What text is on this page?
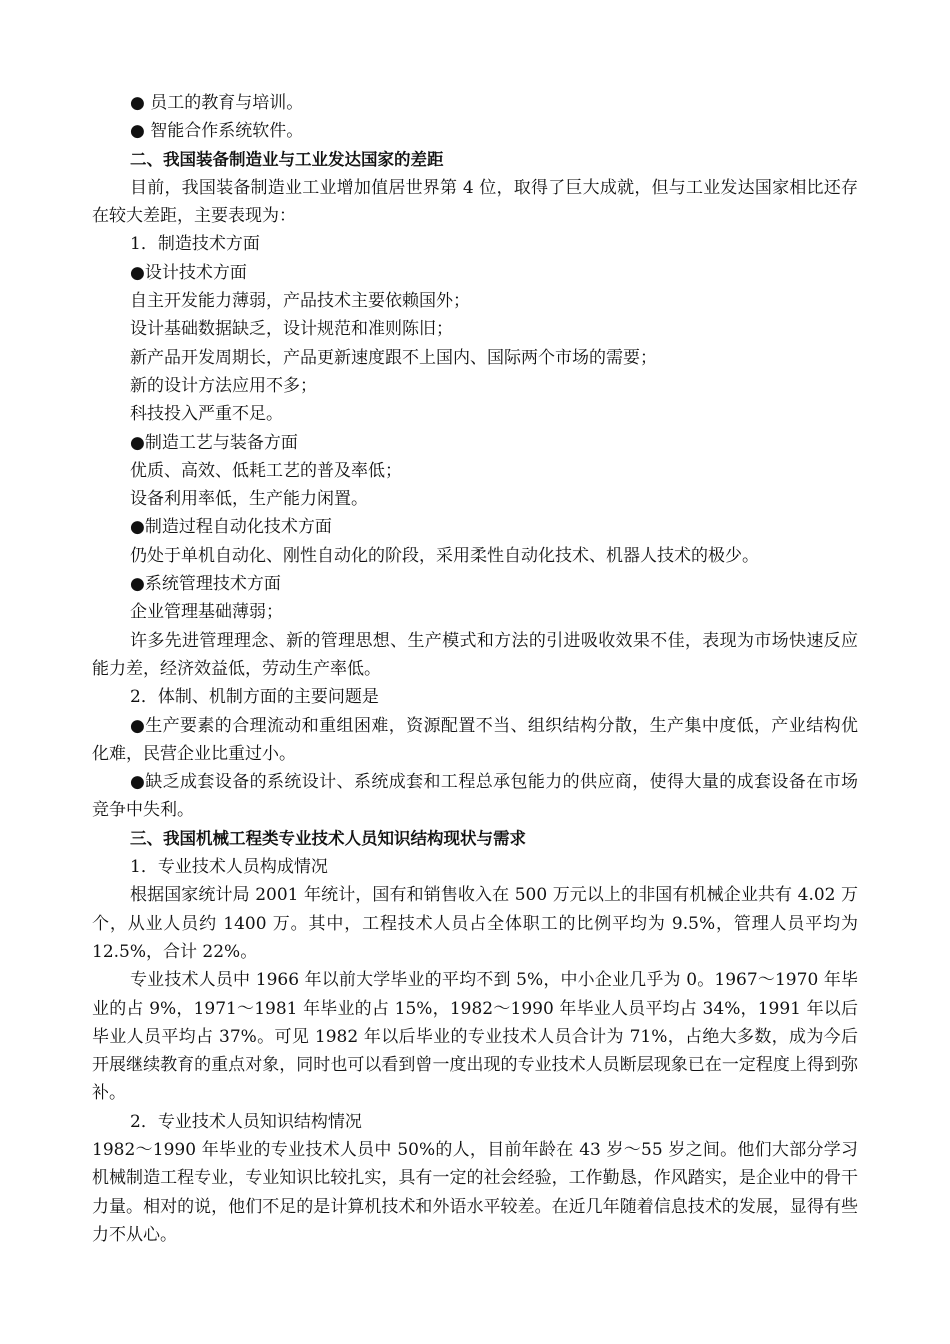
● 员工的教育与培训。

● 智能合作系统软件。

二、我国装备制造业与工业发达国家的差距

目前，我国装备制造业工业增加值居世界第 4 位，取得了巨大成就，但与工业发达国家相比还存在较大差距，主要表现为：

1．制造技术方面

●设计技术方面

自主开发能力薄弱，产品技术主要依赖国外；

设计基础数据缺乏，设计规范和准则陈旧；

新产品开发周期长，产品更新速度跟不上国内、国际两个市场的需要；

新的设计方法应用不多；

科技投入严重不足。

●制造工艺与装备方面

优质、高效、低耗工艺的普及率低；

设备利用率低，生产能力闲置。

●制造过程自动化技术方面

仍处于单机自动化、刚性自动化的阶段，采用柔性自动化技术、机器人技术的极少。

●系统管理技术方面

企业管理基础薄弱；

许多先进管理理念、新的管理思想、生产模式和方法的引进吸收效果不佳，表现为市场快速反应能力差，经济效益低，劳动生产率低。

2．体制、机制方面的主要问题是

●生产要素的合理流动和重组困难，资源配置不当、组织结构分散，生产集中度低，产业结构优化难，民营企业比重过小。

●缺乏成套设备的系统设计、系统成套和工程总承包能力的供应商，使得大量的成套设备在市场竞争中失利。

三、我国机械工程类专业技术人员知识结构现状与需求

1．专业技术人员构成情况

根据国家统计局 2001 年统计，国有和销售收入在 500 万元以上的非国有机械企业共有 4.02 万个，从业人员约 1400 万。其中，工程技术人员占全体职工的比例平均为 9.5%，管理人员平均为 12.5%，合计 22%。

专业技术人员中 1966 年以前大学毕业的平均不到 5%，中小企业几乎为 0。1967～1970 年毕业的占 9%，1971～1981 年毕业的占 15%，1982～1990 年毕业人员平均占 34%，1991 年以后毕业人员平均占 37%。可见 1982 年以后毕业的专业技术人员合计为 71%，占绝大多数，成为今后开展继续教育的重点对象，同时也可以看到曾一度出现的专业技术人员断层现象已在一定程度上得到弥补。

2．专业技术人员知识结构情况

1982～1990 年毕业的专业技术人员中 50%的人，目前年龄在 43 岁～55 岁之间。他们大部分学习机械制造工程专业，专业知识比较扎实，具有一定的社会经验，工作勤恳，作风踏实，是企业中的骨干力量。相对的说，他们不足的是计算机技术和外语水平较差。在近几年随着信息技术的发展，显得有些力不从心。
